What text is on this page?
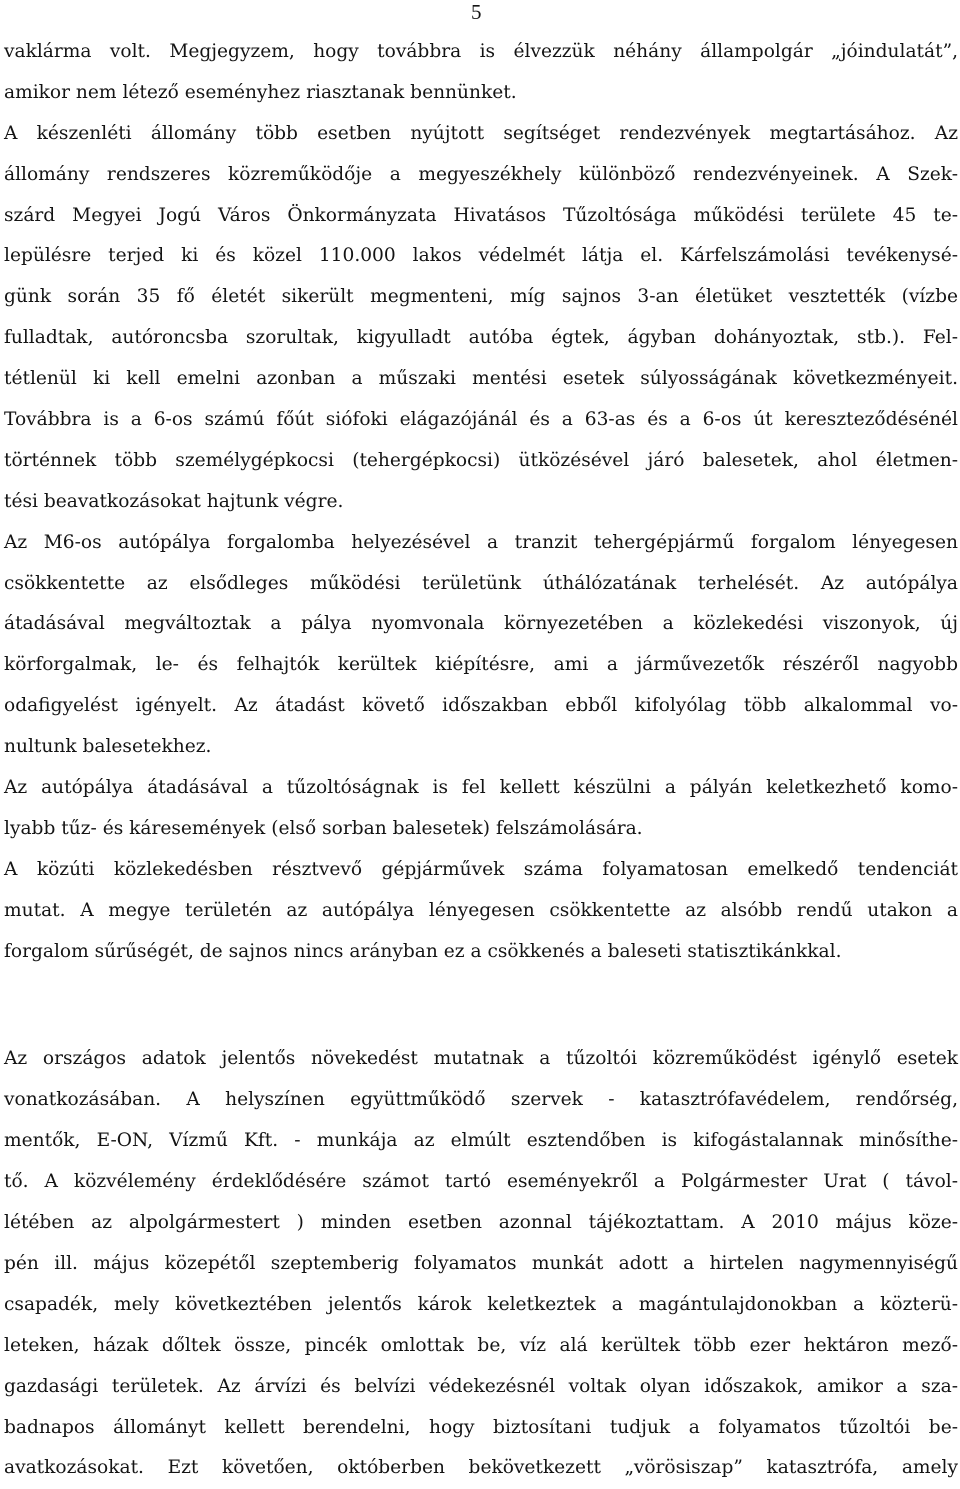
5
vaklárma volt. Megjegyzem, hogy továbbra is élvezzük néhány állampolgár „jóindulatát”,
amikor nem létező eseményhez riasztanak bennünket.
A készenléti állomány több esetben nyújtott segítséget rendezvények megtartásához. Az
állomány rendszeres közreműködője a megyeszékhely különböző rendezvényeinek. A Szek-
szárd Megyei Jogú Város Önkormányzata Hivatásos Tűzoltósága működési területe 45 te-
lepülésre terjed ki és közel 110.000 lakos védelmét látja el. Kárfelszámolási tevékenysé-
günk során 35 fő életét sikerült megmenteni, míg sajnos 3-an életüket vesztették (vízbe
fulladtak, autóroncsba szorultak, kigyulladt autóba égtek, ágyban dohányoztak, stb.). Fel-
tétlenül ki kell emelni azonban a műszaki mentési esetek súlyosságának következményeit.
Továbbra is a 6-os számú főút siófoki elágazójánál és a 63-as és a 6-os út kereszteződésénél
történnek több személygépkocsi (tehergépkocsi) ütközésével járó balesetek, ahol életmen-
tési beavatkozásokat hajtunk végre.
Az M6-os autópálya forgalomba helyezésével a tranzit tehergépjármű forgalom lényegesen
csökkentette az elsődleges működési területünk úthálózatának terhelését. Az autópálya
átadásával megváltoztak a pálya nyomvonala környezetében a közlekedési viszonyok, új
körforgalmak, le- és felhajtók kerültek kiépítésre, ami a járművezetők részéről nagyobb
odafigyelést igényelt. Az átadást követő időszakban ebből kifolyólag több alkalommal vo-
nultunk balesetekhez.
Az autópálya átadásával a tűzoltóságnak is fel kellett készülni a pályán keletkezhető komo-
lyabb tűz- és káresemények (első sorban balesetek) felszámolására.
A közúti közlekedésben résztvevő gépjárművek száma folyamatosan emelkedő tendenciát
mutat. A megye területén az autópálya lényegesen csökkentette az alsóbb rendű utakon a
forgalom sűrűségét, de sajnos nincs arányban ez a csökkenés a baleseti statisztikánkkal.
Az országos adatok jelentős növekedést mutatnak a tűzoltói közreműködést igénylő esetek
vonatkozásában. A helyszínen együttműködő szervek - katasztrófavédelem, rendőrség,
mentők, E-ON, Vízmű Kft. - munkája az elmúlt esztendőben is kifogástalannak minősíthe-
tő. A közvélemény érdeklődésére számot tartó eseményekről a Polgármester Urat ( távol-
létében az alpolgármestert ) minden esetben azonnal tájékoztattam. A 2010 május köze-
pén ill. május közepétől szeptemberig folyamatos munkát adott a hirtelen nagymennyiségű
csapadék, mely következtében jelentős károk keletkeztek a magántulajdonokban a közterü-
leteken, házak dőltek össze, pincék omlottak be, víz alá kerültek több ezer hektáron mező-
gazdasági területek. Az árvízi és belvízi védekezésnél voltak olyan időszakok, amikor a sza-
badnapos állományt kellett berendelni, hogy biztosítani tudjuk a folyamatos tűzoltói be-
avatkozásokat. Ezt követően, októberben bekövetkezett „vörösiszap” katasztrófa, amely
